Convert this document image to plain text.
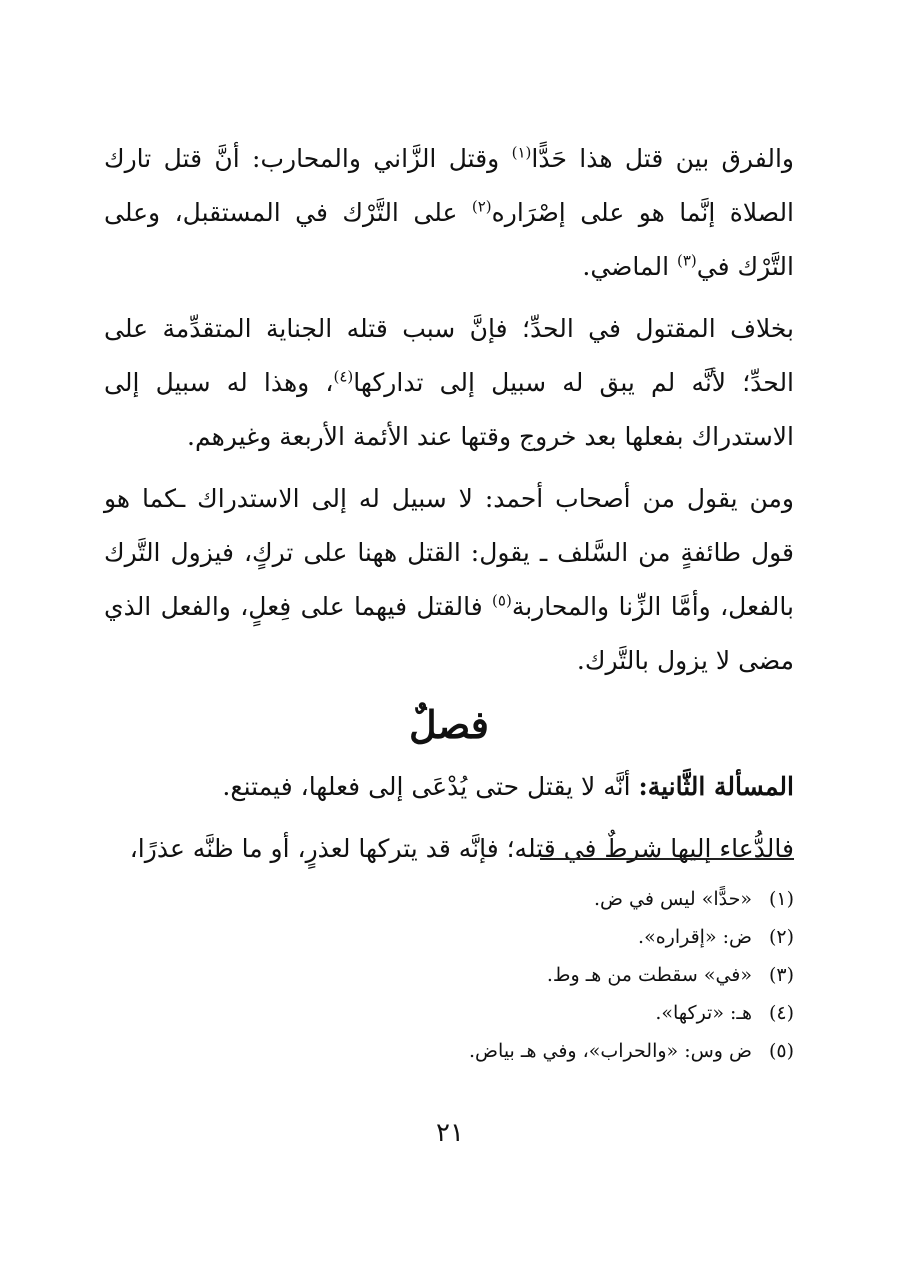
والفرق بين قتل هذا حَدًّا$^{(١)}$ وقتل الزَّاني والمحارب: أنَّ قتل تارك الصلاة إنَّما هو على إصْرَاره$^{(٢)}$ على التَّرْك في المستقبل، وعلى التَّرْك في$^{(٣)}$ الماضي.

بخلاف المقتول في الحدِّ؛ فإنَّ سبب قتله الجناية المتقدِّمة على الحدِّ؛ لأنَّه لم يبق له سبيل إلى تداركها$^{(٤)}$، وهذا له سبيل إلى الاستدراك بفعلها بعد خروج وقتها عند الأئمة الأربعة وغيرهم.

ومن يقول من أصحاب أحمد: لا سبيل له إلى الاستدراك ـكما هو قول طائفةٍ من السَّلف ـ يقول: القتل ههنا على تركٍ، فيزول التَّرك بالفعل، وأمَّا الزِّنا والمحاربة$^{(٥)}$ فالقتل فيهما على فِعلٍ، والفعل الذي مضى لا يزول بالتَّرك.

فصلٌ

المسألة الثَّانية: أنَّه لا يقتل حتى يُدْعَى إلى فعلها، فيمتنع.

فالدُّعاء إليها شرطٌ في قتله؛ فإنَّه قد يتركها لعذرٍ، أو ما ظنَّه عذرًا،

(١)«حدًّا» ليس في ض.
(٢)ض: «إقراره».
(٣)«في» سقطت من هـ وط.
(٤)هـ: «تركها».
(٥)ض وس: «والحراب»، وفي هـ بياض.
٢١
